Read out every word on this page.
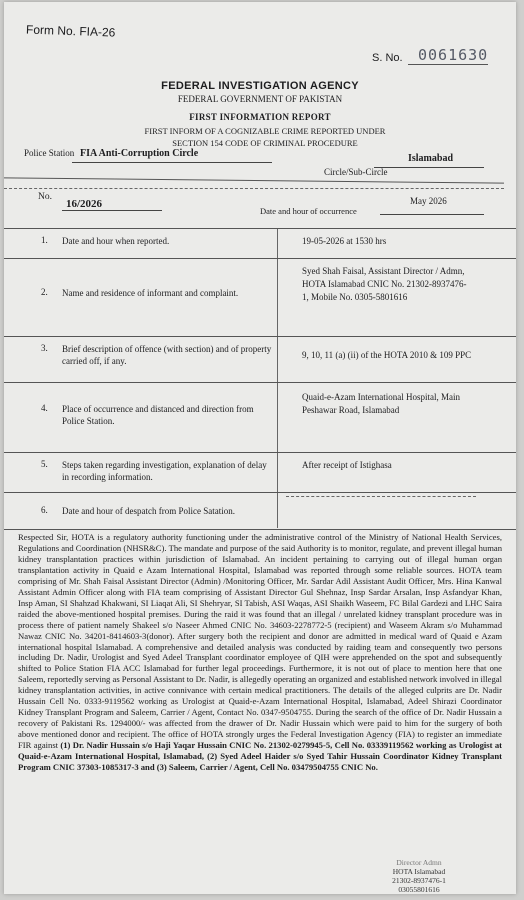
Form No. FIA-26
S. No. 0061630
FEDERAL INVESTIGATION AGENCY
FEDERAL GOVERNMENT OF PAKISTAN
FIRST INFORMATION REPORT
FIRST INFORM OF A COGNIZABLE CRIME REPORTED UNDER
SECTION 154 CODE OF CRIMINAL PROCEDURE
Police Station FIA Anti-Corruption Circle	Islamabad
Circle/Sub-Circle
No.
16/2026
Date and hour of occurrence
May 2026
1. Date and hour when reported.	19-05-2026 at 1530 hrs
2. Name and residence of informant and complaint.
Syed Shah Faisal, Assistant Director / Admn, HOTA Islamabad CNIC No. 21302-8937476-1, Mobile No. 0305-5801616
3. Brief description of offence (with section) and of property carried off, if any.
9, 10, 11 (a) (ii) of the HOTA 2010 & 109 PPC
4. Place of occurrence and distanced and direction from Police Station.
Quaid-e-Azam International Hospital, Main Peshawar Road, Islamabad
5. Steps taken regarding investigation, explanation of delay in recording information.
After receipt of Istighasa
6. Date and hour of despatch from Police Satation.
Respected Sir, HOTA is a regulatory authority functioning under the administrative control of the Ministry of National Health Services, Regulations and Coordination (NHSR&C). The mandate and purpose of the said Authority is to monitor, regulate, and prevent illegal human kidney transplantation practices within jurisdiction of Islamabad. An incident pertaining to carrying out of illegal human organ transplantation activity in Quaid e Azam International Hospital, Islamabad was reported through some reliable sources. HOTA team comprising of Mr. Shah Faisal Assistant Director (Admin) /Monitoring Officer, Mr. Sardar Adil Assistant Audit Officer, Mrs. Hina Kanwal Assistant Admin Officer along with FIA team comprising of Assistant Director Gul Shehnaz, Insp Sardar Arsalan, Insp Asfandyar Khan, Insp Aman, SI Shahzad Khakwani, SI Liaqat Ali, SI Shehryar, SI Tabish, ASI Waqas, ASI Shaikh Waseem, FC Bilal Gardezi and LHC Saira raided the above-mentioned hospital premises. During the raid it was found that an illegal / unrelated kidney transplant procedure was in process there of patient namely Shakeel s/o Naseer Ahmed CNIC No. 34603-2278772-5 (recipient) and Waseem Akram s/o Muhammad Nawaz CNIC No. 34201-8414603-3(donor). After surgery both the recipient and donor are admitted in medical ward of Quaid e Azam international hospital Islamabad. A comprehensive and detailed analysis was conducted by raiding team and consequently two persons including Dr. Nadir, Urologist and Syed Adeel Transplant coordinator employee of QIH were apprehended on the spot and subsequently shifted to Police Station FIA ACC Islamabad for further legal proceedings. Furthermore, it is not out of place to mention here that one Saleem, reportedly serving as Personal Assistant to Dr. Nadir, is allegedly operating an organized and established network involved in illegal kidney transplantation activities, in active connivance with certain medical practitioners. The details of the alleged culprits are Dr. Nadir Hussain Cell No. 0333-9119562 working as Urologist at Quaid-e-Azam International Hospital, Islamabad, Adeel Shirazi Coordinator Kidney Transplant Program and Saleem, Carrier / Agent, Contact No. 0347-9504755. During the search of the office of Dr. Nadir Hussain a recovery of Pakistani Rs. 1294000/- was affected from the drawer of Dr. Nadir Hussain which were paid to him for the surgery of both above mentioned donor and recipient. The office of HOTA strongly urges the Federal Investigation Agency (FIA) to register an immediate FIR against (1) Dr. Nadir Hussain s/o Haji Yaqar Hussain CNIC No. 21302-0279945-5, Cell No. 03339119562 working as Urologist at Quaid-e-Azam International Hospital, Islamabad, (2) Syed Adeel Haider s/o Syed Tahir Hussain Coordinator Kidney Transplant Program CNIC 37303-1085317-3 and (3) Saleem, Carrier / Agent, Cell No. 03479504755 CNIC No.
Director Admn
HOTA Islamabad
21302-8937476-1
03055801616
